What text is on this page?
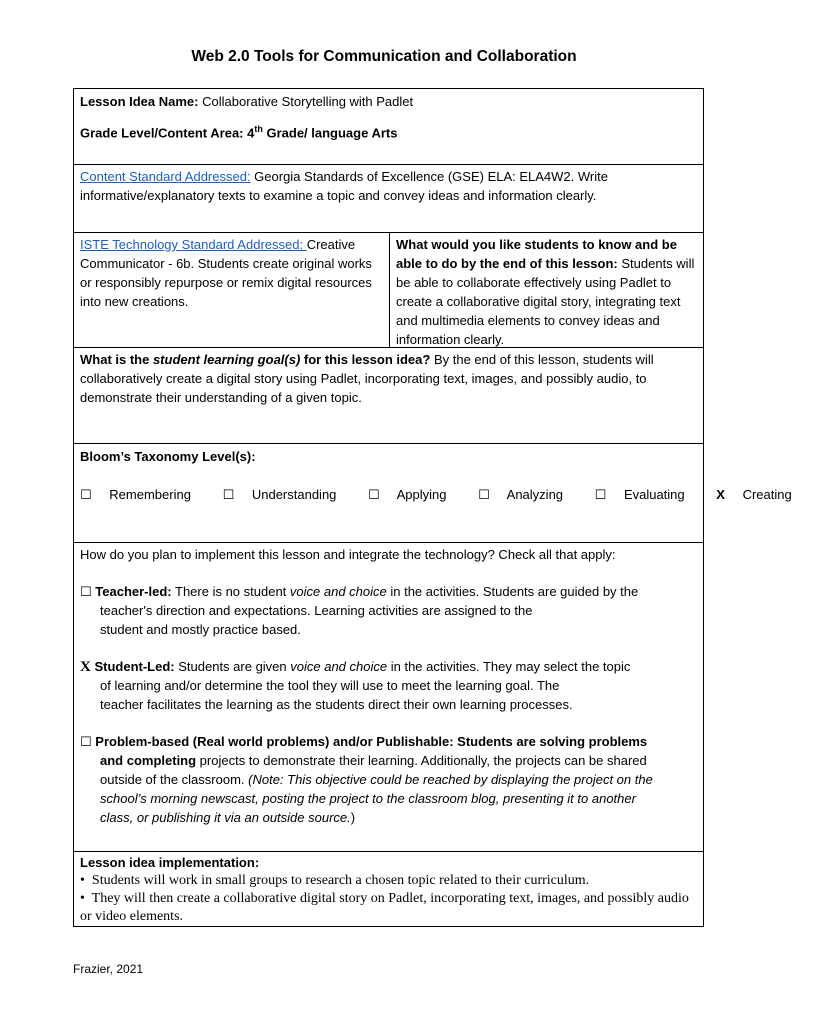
Web 2.0 Tools for Communication and Collaboration
Lesson Idea Name: Collaborative Storytelling with Padlet
Grade Level/Content Area: 4th Grade/ language Arts
Content Standard Addressed: Georgia Standards of Excellence (GSE) ELA: ELA4W2. Write informative/explanatory texts to examine a topic and convey ideas and information clearly.
ISTE Technology Standard Addressed: Creative Communicator - 6b. Students create original works or responsibly repurpose or remix digital resources into new creations.
What would you like students to know and be able to do by the end of this lesson: Students will be able to collaborate effectively using Padlet to create a collaborative digital story, integrating text and multimedia elements to convey ideas and information clearly.
What is the student learning goal(s) for this lesson idea? By the end of this lesson, students will collaboratively create a digital story using Padlet, incorporating text, images, and possibly audio, to demonstrate their understanding of a given topic.
Bloom’s Taxonomy Level(s):
☐ Remembering ☐ Understanding ☐ Applying ☐ Analyzing ☐ Evaluating X Creating
How do you plan to implement this lesson and integrate the technology? Check all that apply:
☐ Teacher-led: There is no student voice and choice in the activities. Students are guided by the
teacher's direction and expectations. Learning activities are assigned to the
student and mostly practice based.
X Student-Led: Students are given voice and choice in the activities. They may select the topic
of learning and/or determine the tool they will use to meet the learning goal. The
teacher facilitates the learning as the students direct their own learning processes.
☐ Problem-based (Real world problems) and/or Publishable: Students are solving problems
and completing projects to demonstrate their learning. Additionally, the projects can be shared
outside of the classroom. (Note: This objective could be reached by displaying the project on the
school’s morning newscast, posting the project to the classroom blog, presenting it to another
class, or publishing it via an outside source.)
Lesson idea implementation:
•  Students will work in small groups to research a chosen topic related to their curriculum.
•  They will then create a collaborative digital story on Padlet, incorporating text, images, and possibly audio or video elements.
Frazier, 2021
